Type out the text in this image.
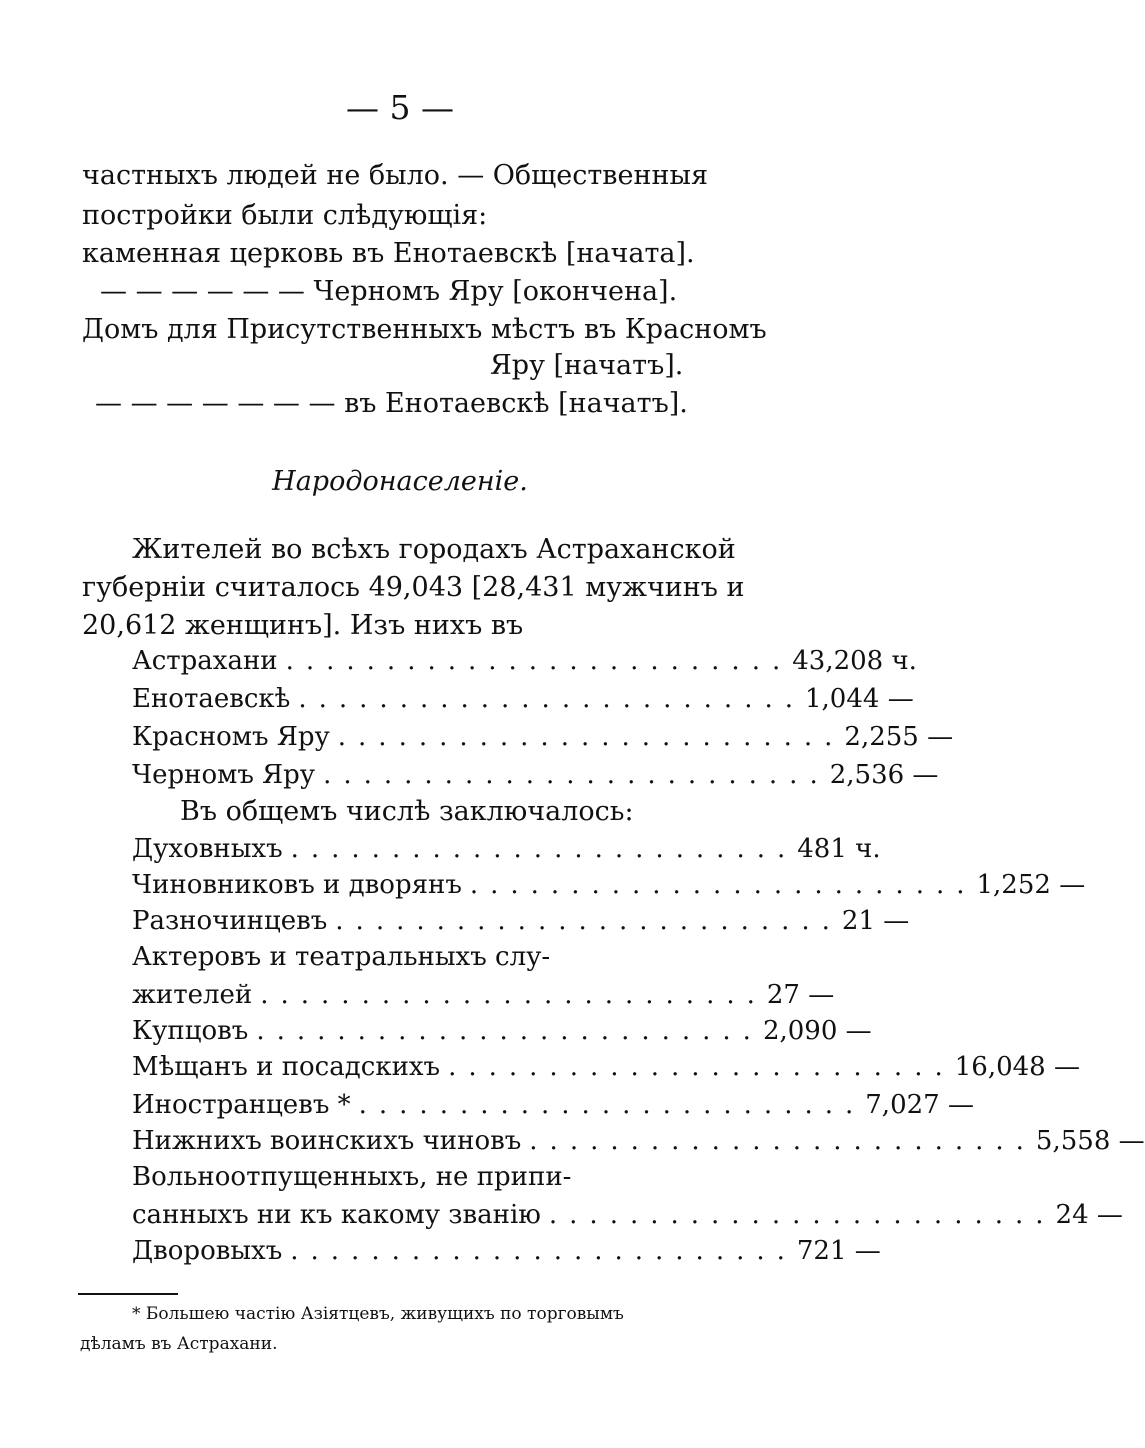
— 5 —
частныхъ людей не было. — Общественныя
постройки были слѣдующія:
каменная церковь въ Енотаевскѣ [начата].
— — — — — — Черномъ Яру [окончена].
Домъ для Присутственныхъ мѣстъ въ Красномъ
Яру [начатъ].
— — — — — — — въ Енотаевскѣ [начатъ].
Народонаселеніе.
Жителей во всѣхъ городахъ Астраханской
губерніи считалось 49,043 [28,431 мужчинъ и
20,612 женщинъ]. Изъ нихъ въ
Астрахани ......................... 43,208 ч.
Енотаевскѣ ......................... 1,044 —
Красномъ Яру ......................... 2,255 —
Черномъ Яру ......................... 2,536 —
Въ общемъ числѣ заключалось:
Духовныхъ ......................... 481 ч.
Чиновниковъ и дворянъ ......................... 1,252 —
Разночинцевъ ......................... 21 —
Актеровъ и театральныхъ слу-
жителей ......................... 27 —
Купцовъ ......................... 2,090 —
Мѣщанъ и посадскихъ ......................... 16,048 —
Иностранцевъ * ......................... 7,027 —
Нижнихъ воинскихъ чиновъ ......................... 5,558 —
Вольноотпущенныхъ, не припи-
санныхъ ни къ какому званію ......................... 24 —
Дворовыхъ ......................... 721 —
* Большею частію Азіятцевъ, живущихъ по торговымъ
дѣламъ въ Астрахани.
